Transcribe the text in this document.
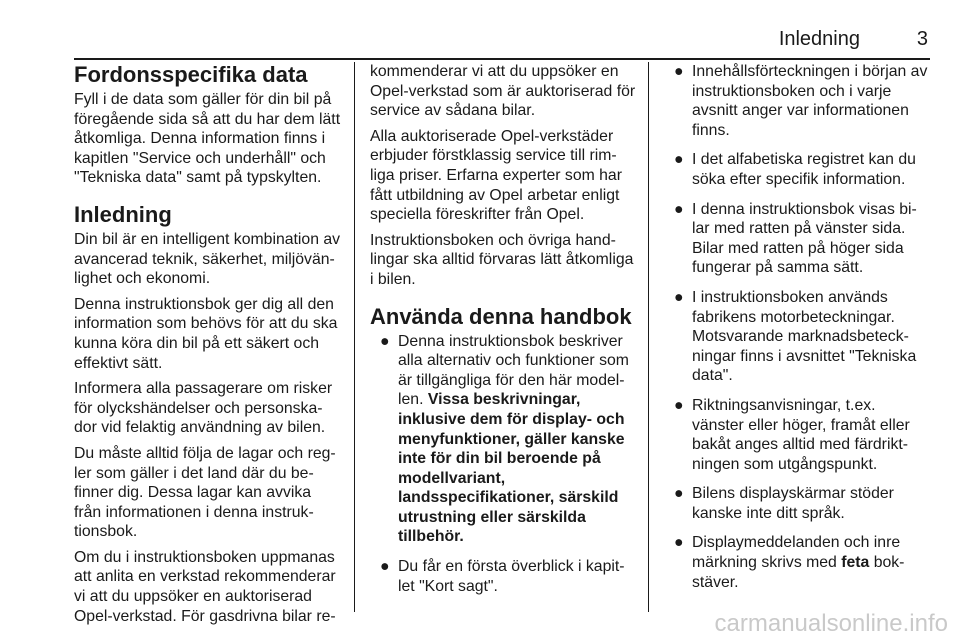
Inledning	3
Fordonsspecifika data

Fyll i de data som gäller för din bil på föregående sida så att du har dem lätt åtkomliga. Denna information finns i kapitlen "Service och underhåll" och "Tekniska data" samt på typskylten.

Inledning

Din bil är en intelligent kombination av avancerad teknik, säkerhet, miljövän-lighet och ekonomi.

Denna instruktionsbok ger dig all den information som behövs för att du ska kunna köra din bil på ett säkert och effektivt sätt.

Informera alla passagerare om risker för olyckshändelser och personska-dor vid felaktig användning av bilen.

Du måste alltid följa de lagar och reg-ler som gäller i det land där du be-finner dig. Dessa lagar kan avvika från informationen i denna instruk-tionsbok.

Om du i instruktionsboken uppmanas att anlita en verkstad rekommenderar vi att du uppsöker en auktoriserad Opel-verkstad. För gasdrivna bilar re-

kommenderar vi att du uppsöker en Opel-verkstad som är auktoriserad för service av sådana bilar.

Alla auktoriserade Opel-verkstäder erbjuder förstklassig service till rim-liga priser. Erfarna experter som har fått utbildning av Opel arbetar enligt speciella föreskrifter från Opel.

Instruktionsboken och övriga hand-lingar ska alltid förvaras lätt åtkomliga i bilen.

Använda denna handbok
● Denna instruktionsbok beskriver alla alternativ och funktioner som är tillgängliga för den här model-len. Vissa beskrivningar, inklusive dem för display- och menyfunktioner, gäller kanske inte för din bil beroende på modellvariant, landsspecifikationer, särskild utrustning eller särskilda tillbehör.
● Du får en första överblick i kapit-let "Kort sagt".
● Innehållsförteckningen i början av instruktionsboken och i varje avsnitt anger var informationen finns.
● I det alfabetiska registret kan du söka efter specifik information.
● I denna instruktionsbok visas bi-lar med ratten på vänster sida. Bilar med ratten på höger sida fungerar på samma sätt.
● I instruktionsboken används fabrikens motorbeteckningar. Motsvarande marknadsbeteck-ningar finns i avsnittet "Tekniska data".
● Riktningsanvisningar, t.ex. vänster eller höger, framåt eller bakåt anges alltid med färdrikt-ningen som utgångspunkt.
● Bilens displayskärmar stöder kanske inte ditt språk.
● Displaymeddelanden och inre märkning skrivs med feta bok-stäver.
carmanualsonline.info
